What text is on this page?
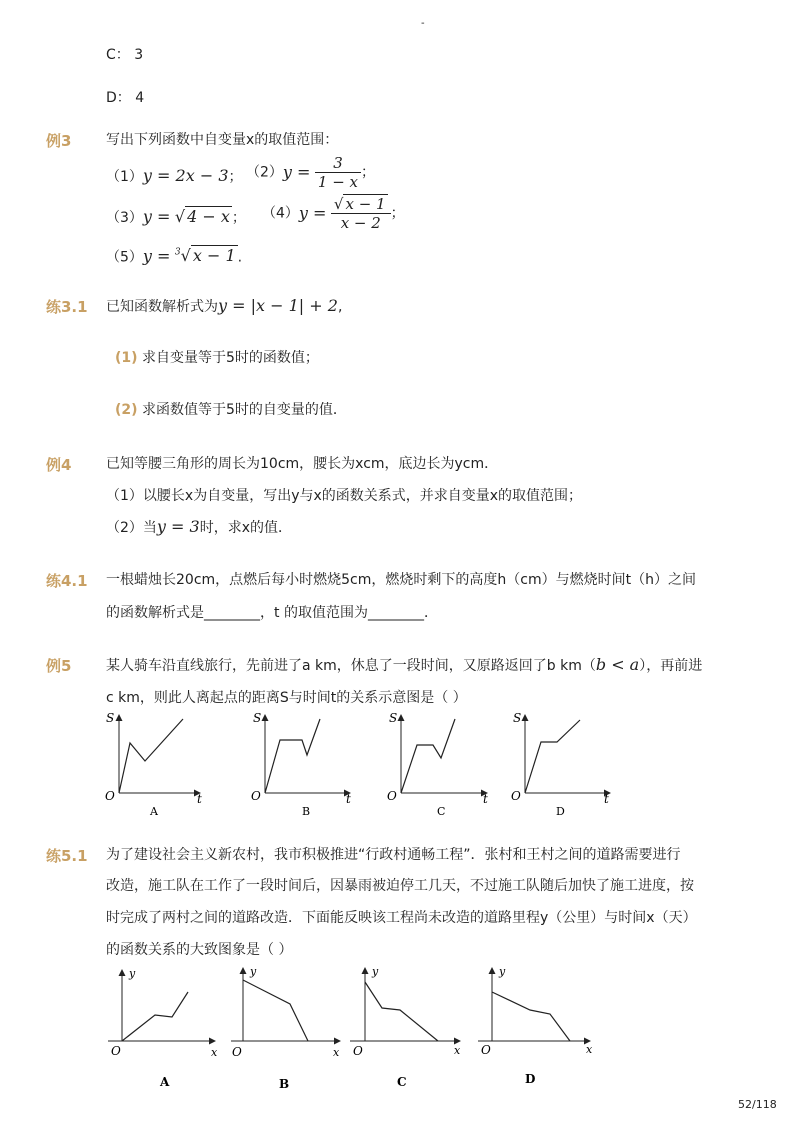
-
C： 3
D： 4
例3 写出下列函数中自变量x的取值范围：
（1）y = 2x − 3； $(2)y = \frac{3}{1 - x}$ ；
（3）y = √ 4 − x ； $(4)y = \frac{√ x - 1}{x - 2}$ ；
（5）y = $^3$√ x − 1 .
练3.1 已知函数解析式为y = |x − 1| + 2,
(1) 求自变量等于5时的函数值；
(2) 求函数值等于5时的自变量的值．
例4 已知等腰三角形的周长为10cm，腰长为xcm，底边长为ycm．
（1）以腰长x为自变量，写出y与x的函数关系式，并求自变量x的取值范围；
（2）当y = 3时，求x的值．
练4.1 一根蜡烛长20cm，点燃后每小时燃烧5cm，燃烧时剩下的高度h（cm）与燃烧时间t（h）之间
的函数解析式是________，t 的取值范围为________．
例5 某人骑车沿直线旅行，先前进了a km，休息了一段时间，又原路返回了b km（b < a），再前进
c km，则此人离起点的距离S与时间t的关系示意图是（ ）
S
t
O
A
S
t
O
B
S
t
O
C
S
t
O
D
练5.1 为了建设社会主义新农村，我市积极推进“行政村通畅工程”．张村和王村之间的道路需要进行
改造，施工队在工作了一段时间后，因暴雨被迫停工几天，不过施工队随后加快了施工进度，按
时完成了两村之间的道路改造．下面能反映该工程尚未改造的道路里程y（公里）与时间x（天）
的函数关系的大致图象是（ ）
y
x
O
A
y
x
O
B
y
x
O
C
y
x
O
D
52/118
